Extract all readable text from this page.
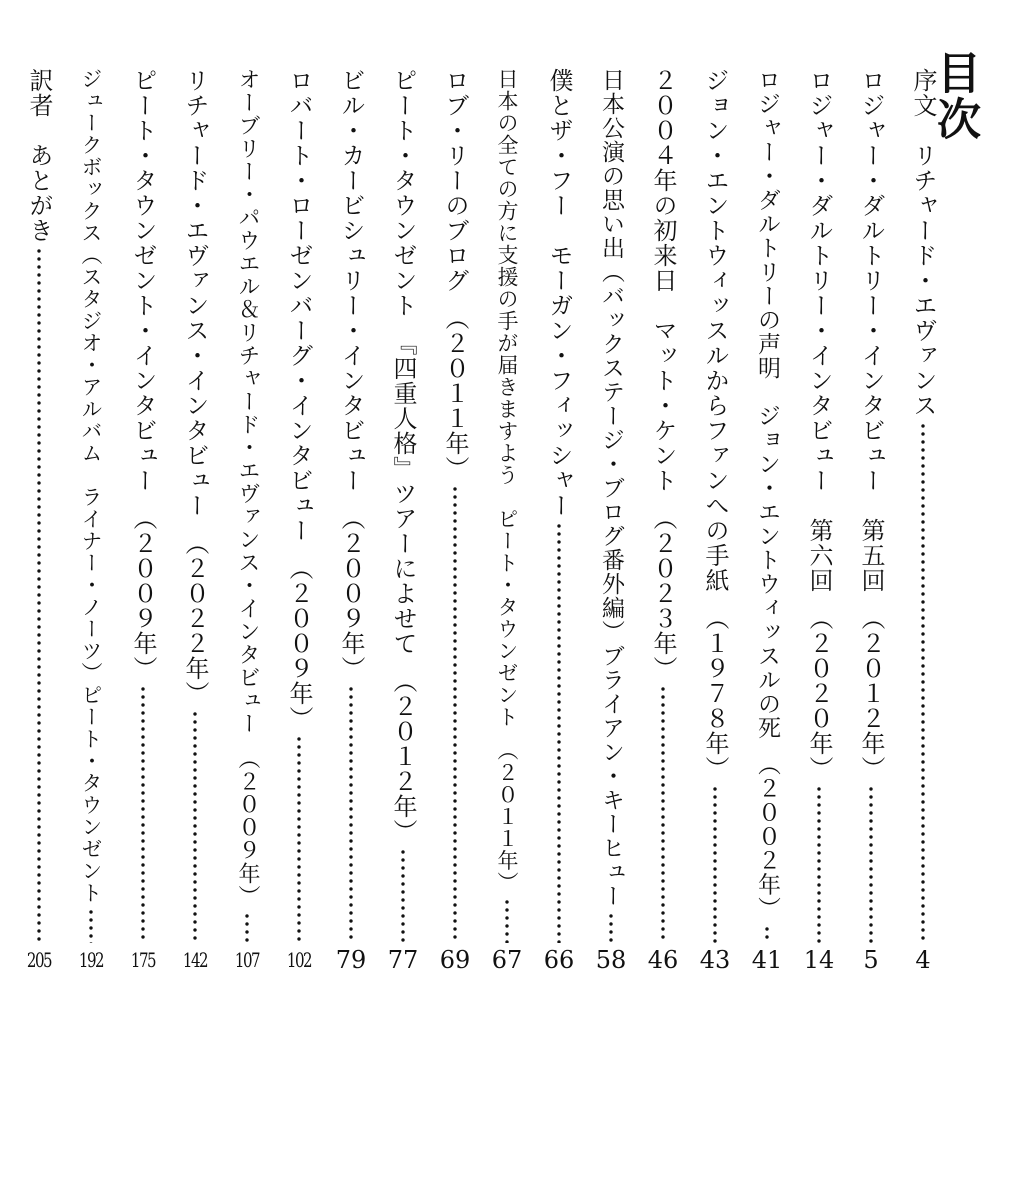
目次
序文　リチャード・エヴァンス
4
ロジャー・ダルトリー・インタビュー　第五回　（２０１２年）
5
ロジャー・ダルトリー・インタビュー　第六回　（２０２０年）
14
ロジャー・ダルトリーの声明　ジョン・エントウィッスルの死　（２００２年）
41
ジョン・エントウィッスルからファンへの手紙　（１９７８年）
43
２００４年の初来日　マット・ケント　（２０２３年）
46
日本公演の思い出（バックステージ・ブログ番外編）ブライアン・キーヒュー
58
僕とザ・フー　モーガン・フィッシャー
66
日本の全ての方に支援の手が届きますよう　ピート・タウンゼント　（２０１１年）
67
ロブ・リーのブログ　（２０１１年）
69
ピート・タウンゼント　『四重人格』ツアーによせて　（２０１２年）
77
ビル・カービシュリー・インタビュー　（２００９年）
79
ロバート・ローゼンバーグ・インタビュー　（２００９年）
102
オーブリー・パウエル＆リチャード・エヴァンス・インタビュー　（２００９年）
107
リチャード・エヴァンス・インタビュー　（２０２２年）
142
ピート・タウンゼント・インタビュー　（２００９年）
175
ジュークボックス（スタジオ・アルバム　ライナー・ノーツ）ピート・タウンゼント
192
訳者　あとがき
205
